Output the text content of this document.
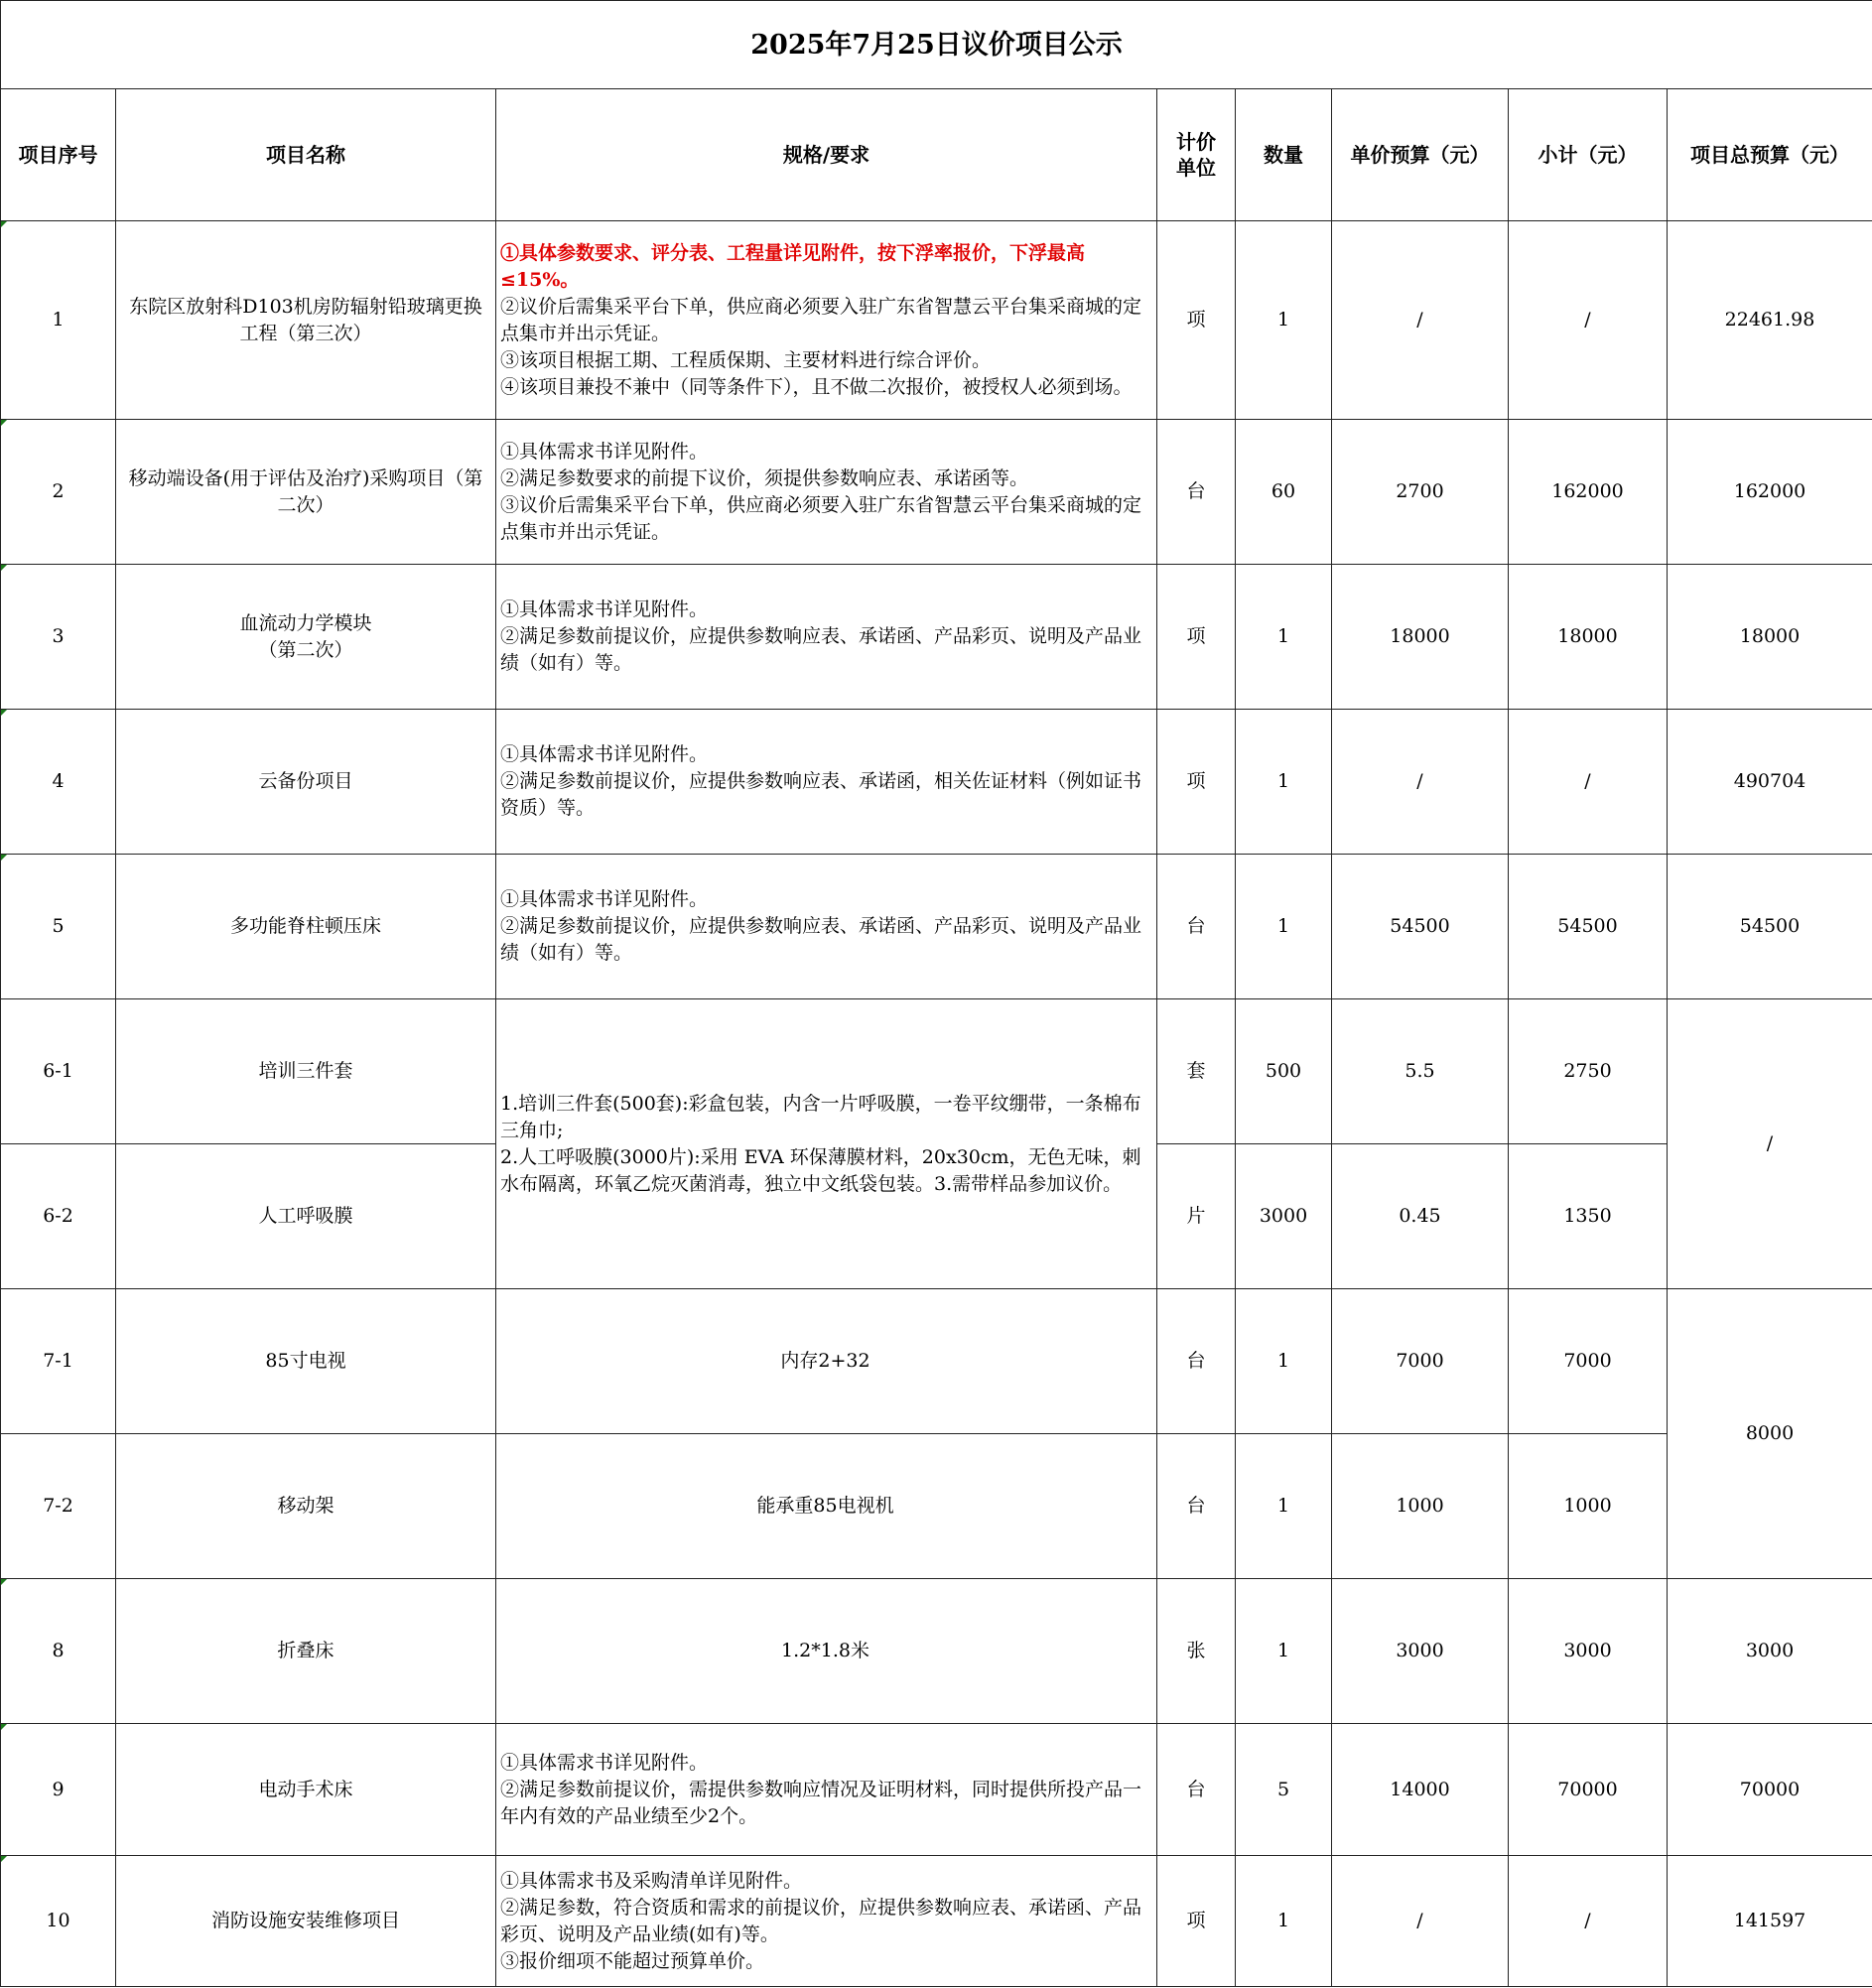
2025年7月25日议价项目公示							
项目序号	项目名称	规格/要求	计价单位	数量	单价预算（元）	小计（元）	项目总预算（元）
1	东院区放射科D103机房防辐射铅玻璃更换工程（第三次）	①具体参数要求、评分表、工程量详见附件，按下浮率报价，下浮最高≤15%。
②议价后需集采平台下单，供应商必须要入驻广东省智慧云平台集采商城的定点集市并出示凭证。
③该项目根据工期、工程质保期、主要材料进行综合评价。
④该项目兼投不兼中（同等条件下），且不做二次报价，被授权人必须到场。	项	1	/	/	22461.98
2	移动端设备(用于评估及治疗)采购项目（第二次）	①具体需求书详见附件。
②满足参数要求的前提下议价，须提供参数响应表、承诺函等。
③议价后需集采平台下单，供应商必须要入驻广东省智慧云平台集采商城的定点集市并出示凭证。	台	60	2700	162000	162000
3	血流动力学模块
（第二次）	①具体需求书详见附件。
②满足参数前提议价，应提供参数响应表、承诺函、产品彩页、说明及产品业绩（如有）等。	项	1	18000	18000	18000
4	云备份项目	①具体需求书详见附件。
②满足参数前提议价，应提供参数响应表、承诺函，相关佐证材料（例如证书资质）等。	项	1	/	/	490704
5	多功能脊柱顿压床	①具体需求书详见附件。
②满足参数前提议价，应提供参数响应表、承诺函、产品彩页、说明及产品业绩（如有）等。	台	1	54500	54500	54500
6-1	培训三件套	1.培训三件套(500套):彩盒包装，内含一片呼吸膜，一卷平纹绷带，一条棉布三角巾;
2.人工呼吸膜(3000片):采用 EVA 环保薄膜材料，20x30cm，无色无味，刺水布隔离，环氧乙烷灭菌消毒，独立中文纸袋包装。3.需带样品参加议价。	套	500	5.5	2750	/
6-2	人工呼吸膜		片	3000	0.45	1350	
7-1	85寸电视	内存2+32	台	1	7000	7000	8000
7-2	移动架	能承重85电视机	台	1	1000	1000	
8	折叠床	1.2*1.8米	张	1	3000	3000	3000
9	电动手术床	①具体需求书详见附件。
②满足参数前提议价，需提供参数响应情况及证明材料，同时提供所投产品一年内有效的产品业绩至少2个。	台	5	14000	70000	70000
10	消防设施安装维修项目	①具体需求书及采购清单详见附件。
②满足参数，符合资质和需求的前提议价，应提供参数响应表、承诺函、产品彩页、说明及产品业绩(如有)等。
③报价细项不能超过预算单价。	项	1	/	/	141597
